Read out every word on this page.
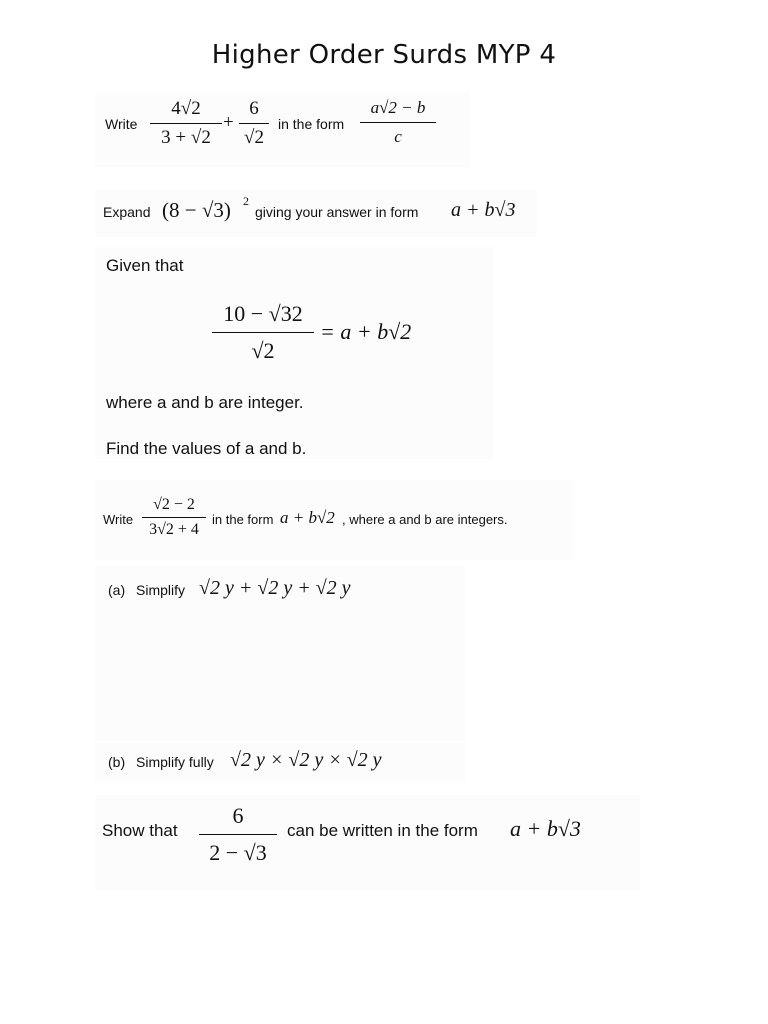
Higher Order Surds MYP 4
Write
4√2
3 + √2
+
6
√2
in the form
a√2 − b
c
Expand (8 − √3) 2
giving your answer in form a + b√3
Given that
10 − √32
√2
= a + b√2
where a and b are integer.
Find the values of a and b.
Write
√2 − 2
3√2 + 4
in the form a + b√2 , where a and b are integers.
(a) Simplify √2 y + √2 y + √2 y
(b) Simplify fully √2 y × √2 y × √2 y
Show that
6
2 − √3
can be written in the form a + b√3
